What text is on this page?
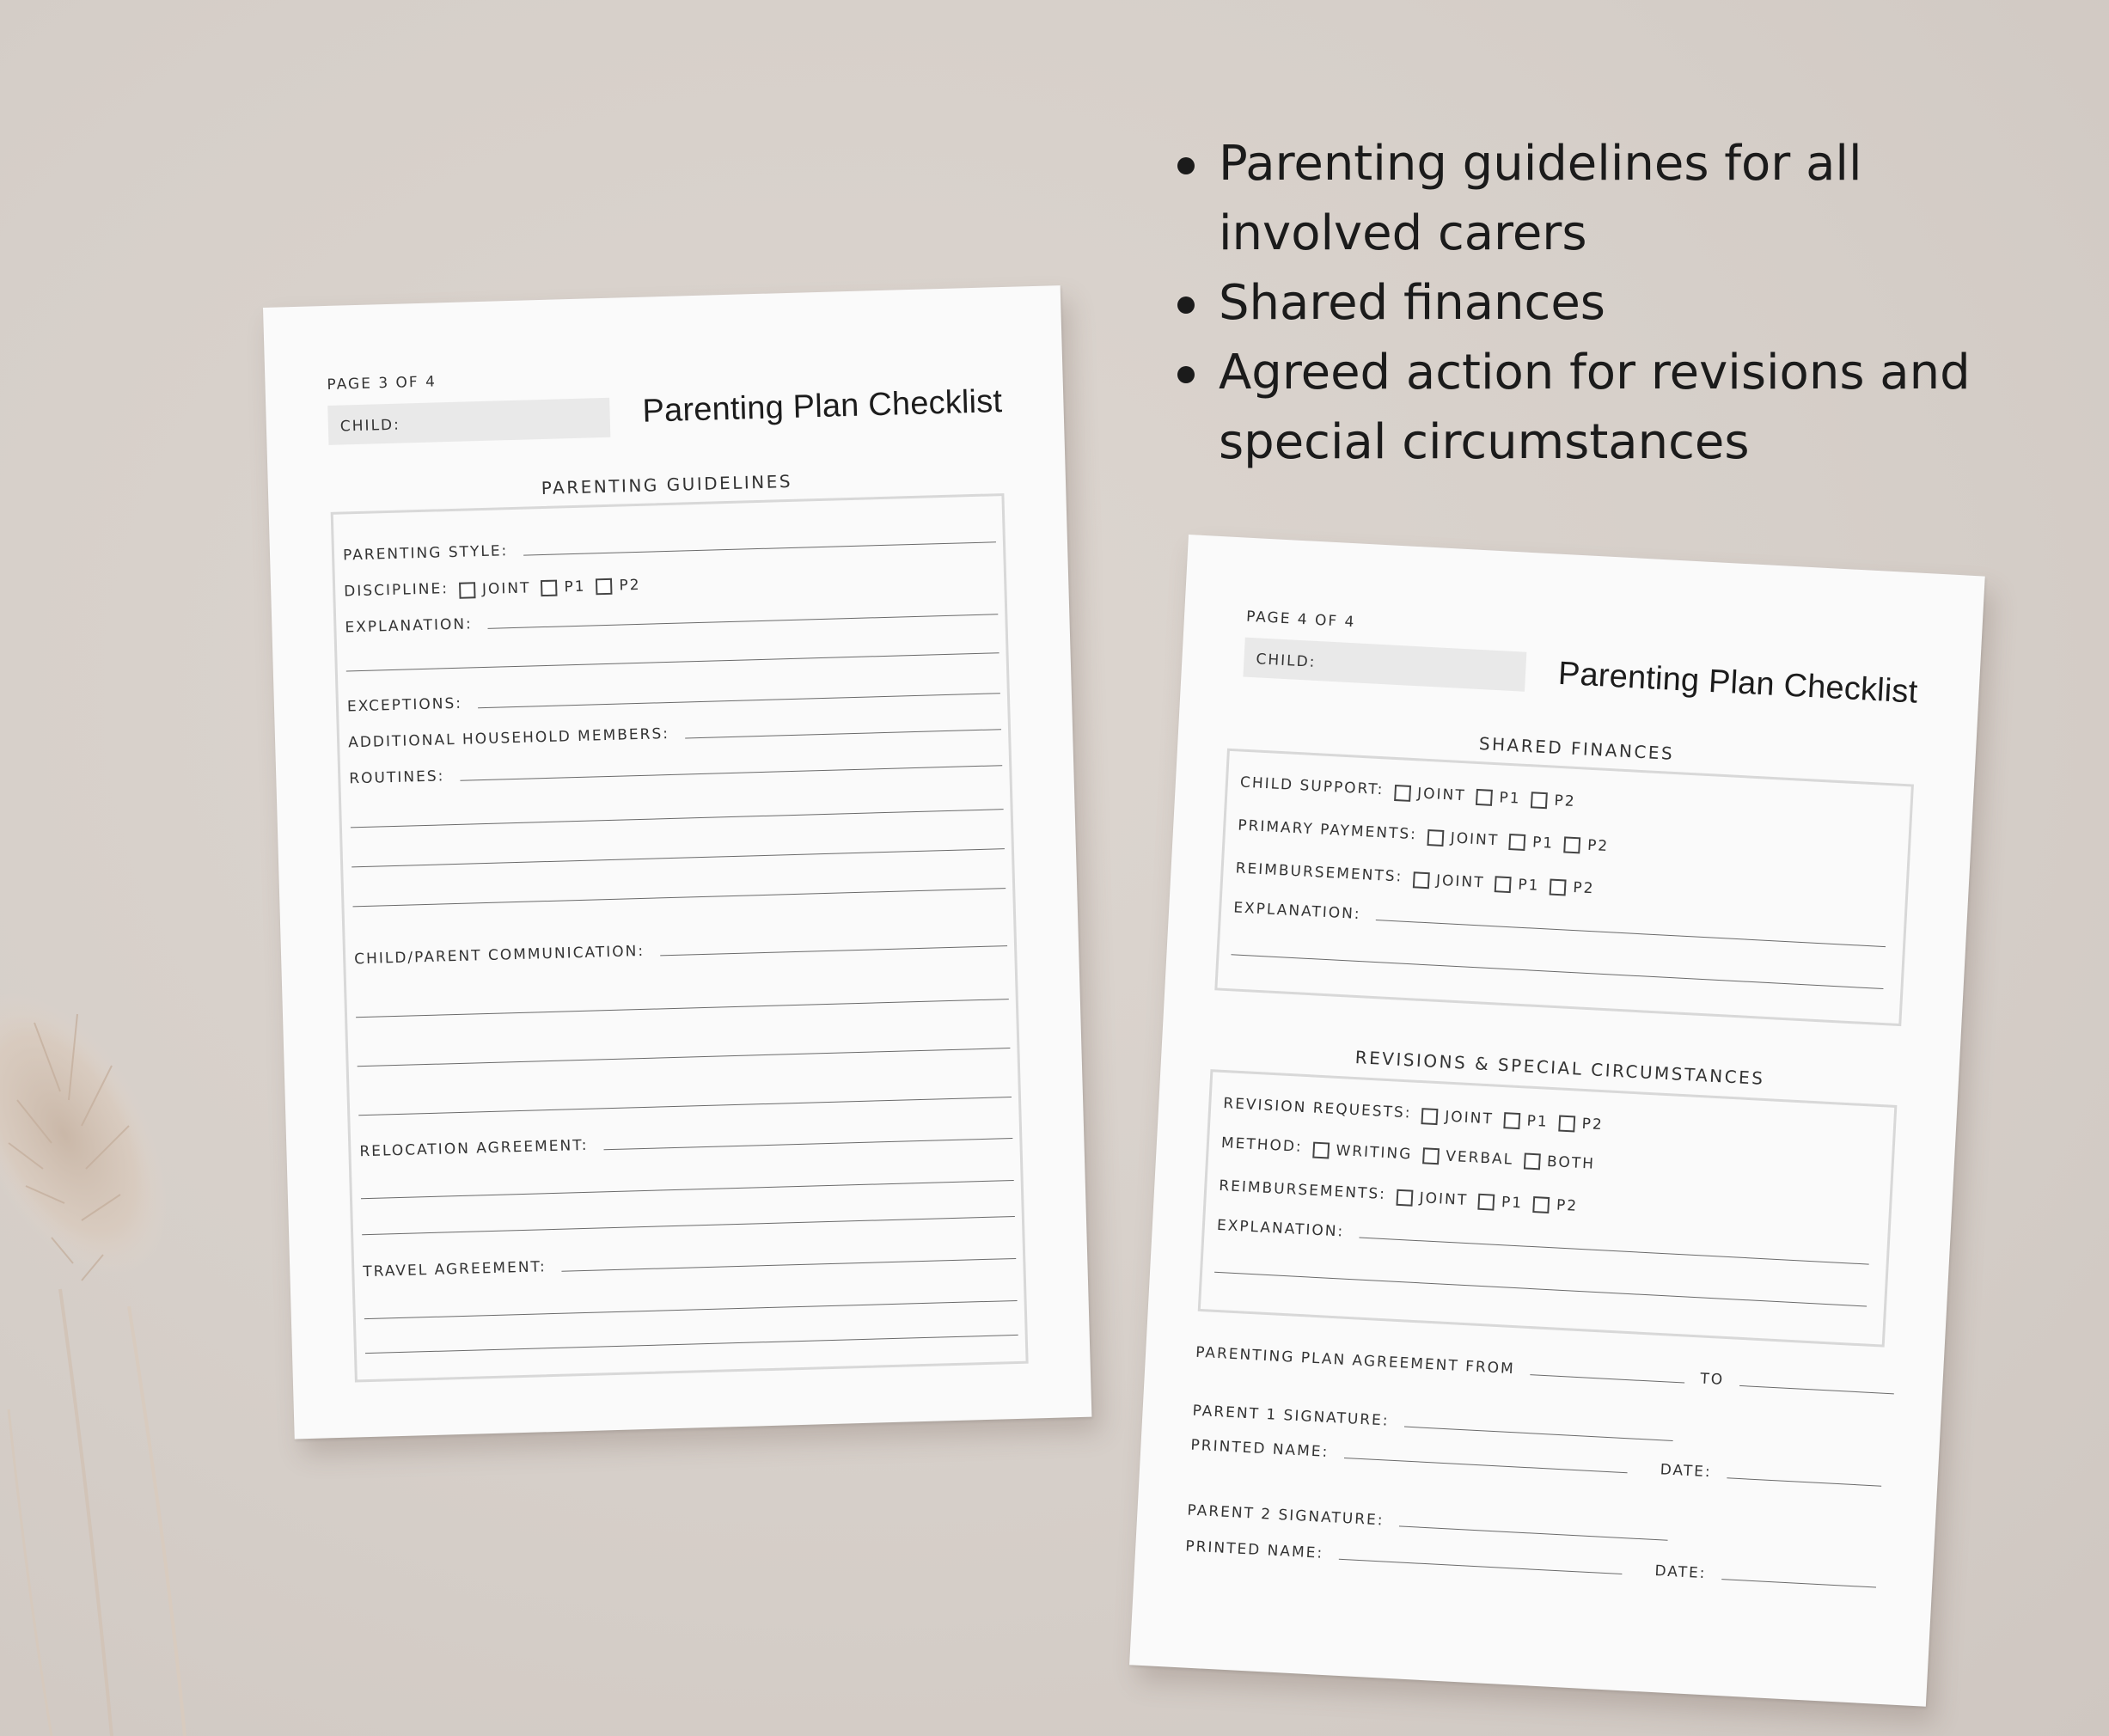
Parenting guidelines for all involved carers
Shared finances
Agreed action for revisions and special circumstances
PAGE 3 OF 4
CHILD:	Parenting Plan Checklist
PARENTING GUIDELINES
PARENTING STYLE:
DISCIPLINE: JOINT P1 P2
EXPLANATION:
EXCEPTIONS:
ADDITIONAL HOUSEHOLD MEMBERS:
ROUTINES:
CHILD/PARENT COMMUNICATION:
RELOCATION AGREEMENT:
TRAVEL AGREEMENT:
PAGE 4 OF 4
CHILD:	Parenting Plan Checklist
SHARED FINANCES
CHILD SUPPORT: JOINT P1 P2
PRIMARY PAYMENTS: JOINT P1 P2
REIMBURSEMENTS: JOINT P1 P2
EXPLANATION:
REVISIONS & SPECIAL CIRCUMSTANCES
REVISION REQUESTS: JOINT P1 P2
METHOD: WRITING VERBAL BOTH
REIMBURSEMENTS: JOINT P1 P2
EXPLANATION:
PARENTING PLAN AGREEMENT FROM
TO
PARENT 1 SIGNATURE:
PRINTED NAME:
DATE:
PARENT 2 SIGNATURE:
PRINTED NAME:
DATE:
